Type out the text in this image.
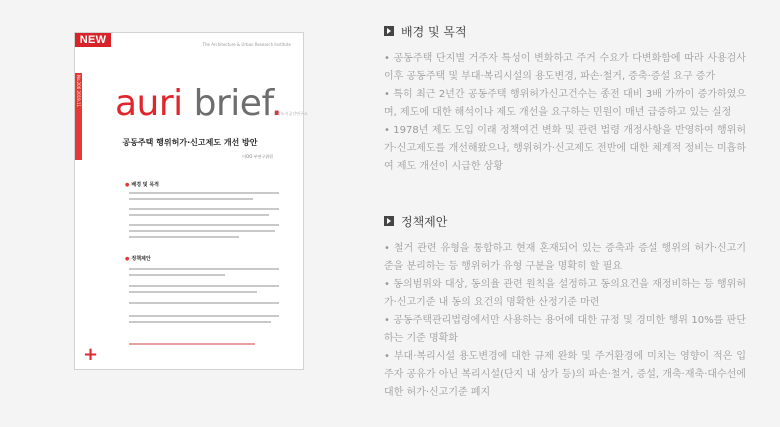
NEW	The Architecture & Urban Research Institute
No.206 2019.11 auri brief.
건축도시공간연구소
공동주택 행위허가·신고제도 개선 방안
이OO 부연구위원
● 배경 및 목적
● 정책제안
+
배경 및 목적

• 공동주택 단지별 거주자 특성이 변화하고 주거 수요가 다변화함에 따라 사용검사 이후 공동주택 및 부대·복리시설의 용도변경, 파손·철거, 증축·증설 요구 증가

• 특히 최근 2년간 공동주택 행위허가신고건수는 종전 대비 3배 가까이 증가하였으며, 제도에 대한 해석이나 제도 개선을 요구하는 민원이 매년 급증하고 있는 실정

• 1978년 제도 도입 이래 정책여건 변화 및 관련 법령 개정사항을 반영하여 행위허가·신고제도를 개선해왔으나, 행위허가·신고제도 전반에 대한 체계적 정비는 미흡하여 제도 개선이 시급한 상황

정책제안

• 철거 관련 유형을 통합하고 현재 혼재되어 있는 증축과 증설 행위의 허가·신고기준을 분리하는 등 행위허가 유형 구분을 명확히 할 필요

• 동의범위와 대상, 동의율 관련 원칙을 설정하고 동의요건을 재정비하는 등 행위허가·신고기준 내 동의 요건의 명확한 산정기준 마련

• 공동주택관리법령에서만 사용하는 용어에 대한 규정 및 경미한 행위 10%를 판단하는 기준 명확화

• 부대·복리시설 용도변경에 대한 규제 완화 및 주거환경에 미치는 영향이 적은 입주자 공유가 아닌 복리시설(단지 내 상가 등)의 파손·철거, 증설, 개축·재축·대수선에 대한 허가·신고기준 폐지
